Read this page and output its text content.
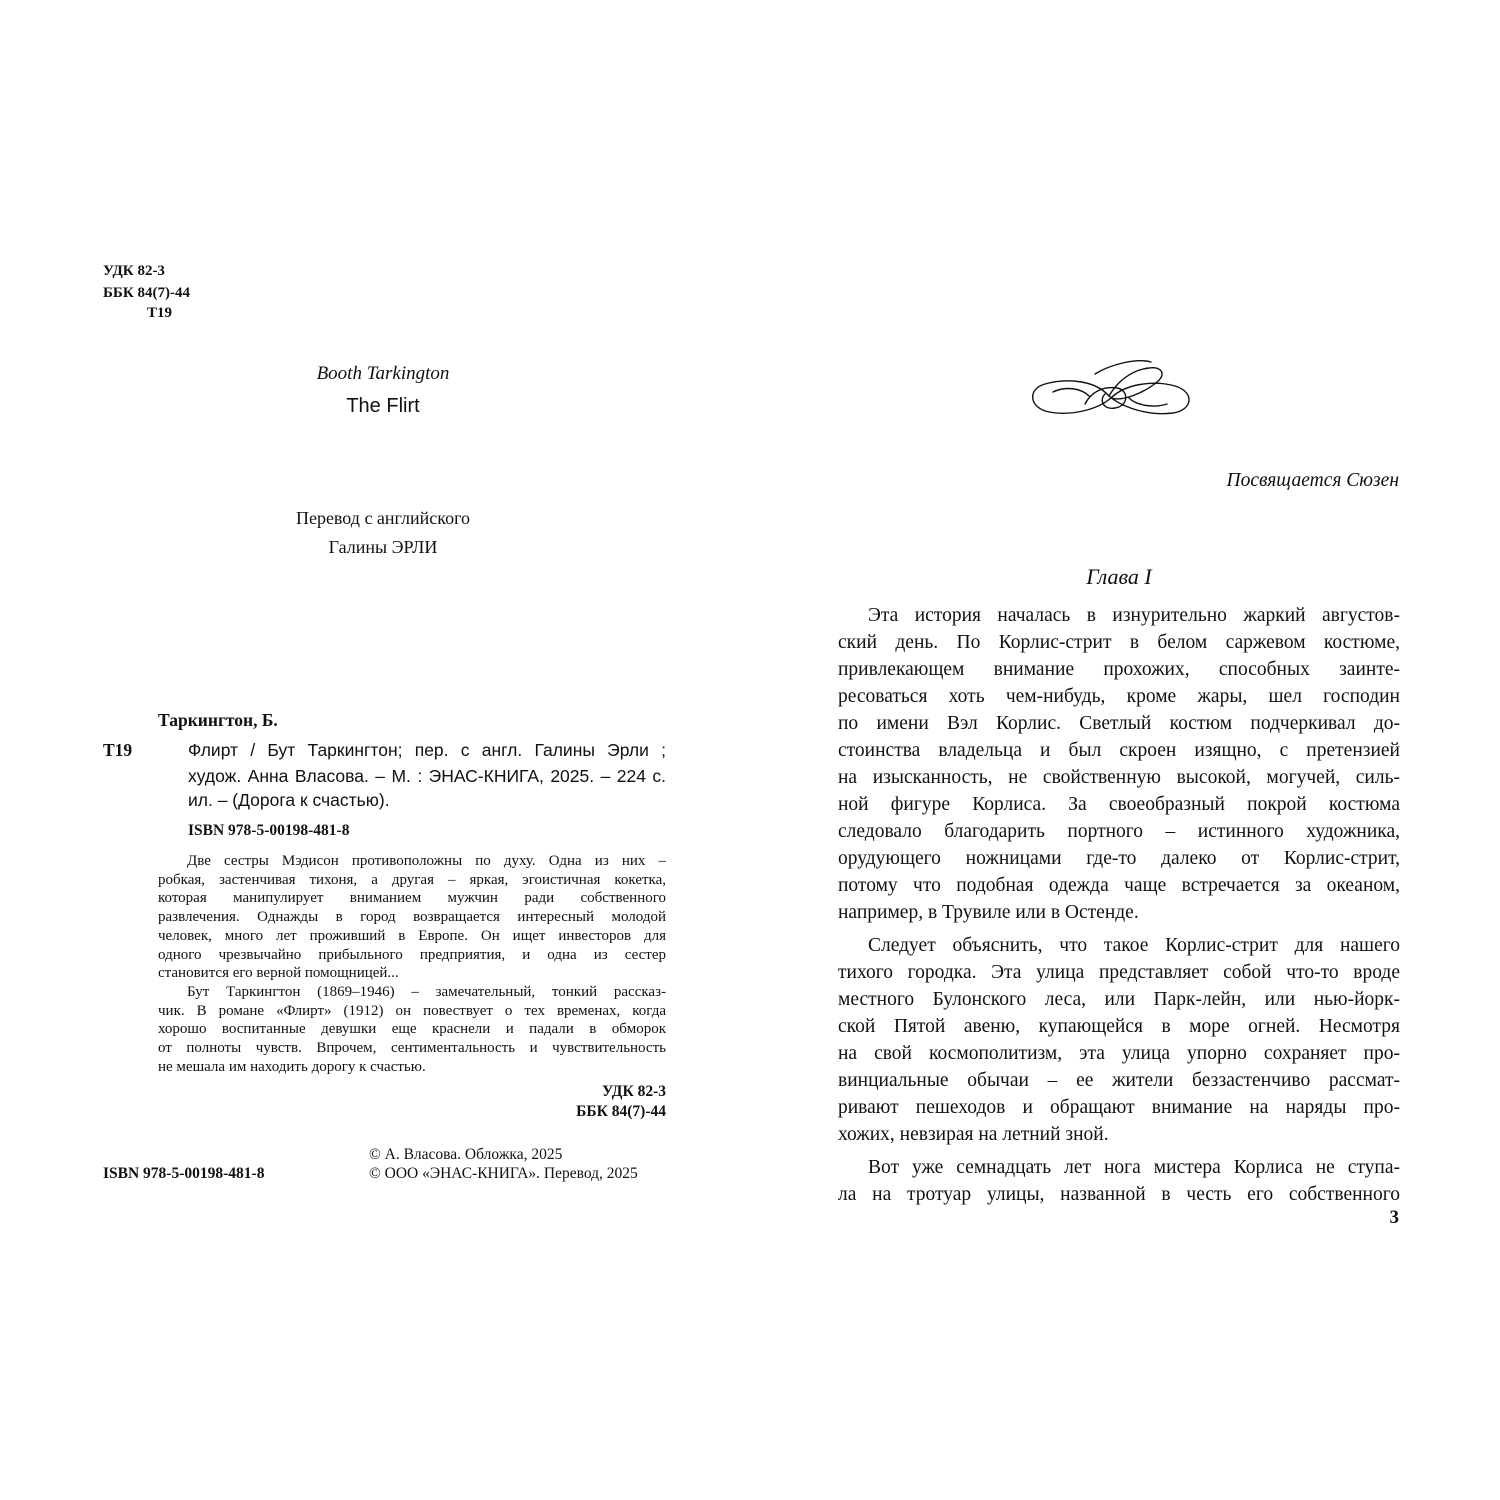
УДК 82-3
ББК 84(7)-44
Т19
Booth Tarkington
The Flirt
Перевод с английского
Галины ЭРЛИ
Таркингтон, Б.
Т19	Флирт / Бут Таркингтон; пер. с англ. Галины Эрли ;
худож. Анна Власова. – М. : ЭНАС-КНИГА, 2025. – 224 с.
ил. – (Дорога к счастью).
ISBN 978-5-00198-481-8
Две сестры Мэдисон противоположны по духу. Одна из них –
робкая, застенчивая тихоня, а другая – яркая, эгоистичная кокетка,
которая манипулирует вниманием мужчин ради собственного
развлечения. Однажды в город возвращается интересный молодой
человек, много лет проживший в Европе. Он ищет инвесторов для
одного чрезвычайно прибыльного предприятия, и одна из сестер
становится его верной помощницей...
Бут Таркингтон (1869–1946) – замечательный, тонкий рассказ-
чик. В романе «Флирт» (1912) он повествует о тех временах, когда
хорошо воспитанные девушки еще краснели и падали в обморок
от полноты чувств. Впрочем, сентиментальность и чувствительность
не мешала им находить дорогу к счастью.
УДК 82-3
ББК 84(7)-44
© А. Власова. Обложка, 2025
ISBN 978-5-00198-481-8	© ООО «ЭНАС-КНИГА». Перевод, 2025
Посвящается Сюзен
Глава I

Эта история началась в изнурительно жаркий августов-
ский день. По Корлис-стрит в белом саржевом костюме,
привлекающем внимание прохожих, способных заинте-
ресоваться хоть чем-нибудь, кроме жары, шел господин
по имени Вэл Корлис. Светлый костюм подчеркивал до-
стоинства владельца и был скроен изящно, с претензией
на изысканность, не свойственную высокой, могучей, силь-
ной фигуре Корлиса. За своеобразный покрой костюма
следовало благодарить портного – истинного художника,
орудующего ножницами где-то далеко от Корлис-стрит,
потому что подобная одежда чаще встречается за океаном,
например, в Трувиле или в Остенде.

Следует объяснить, что такое Корлис-стрит для нашего
тихого городка. Эта улица представляет собой что-то вроде
местного Булонского леса, или Парк-лейн, или нью-йорк-
ской Пятой авеню, купающейся в море огней. Несмотря
на свой космополитизм, эта улица упорно сохраняет про-
винциальные обычаи – ее жители беззастенчиво рассмат-
ривают пешеходов и обращают внимание на наряды про-
хожих, невзирая на летний зной.

Вот уже семнадцать лет нога мистера Корлиса не ступа-
ла на тротуар улицы, названной в честь его собственного

3
